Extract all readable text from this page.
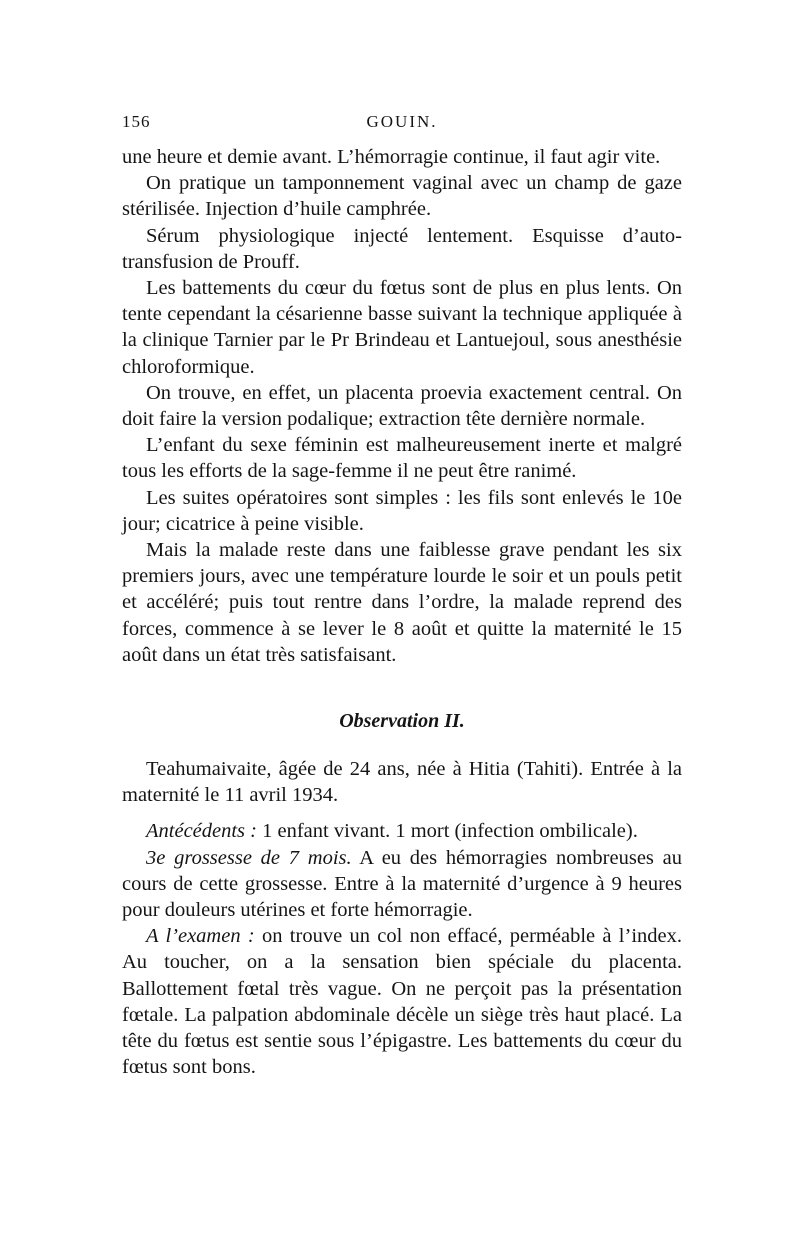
156	GOUIN.

une heure et demie avant. L’hémorragie continue, il faut agir vite.

On pratique un tamponnement vaginal avec un champ de gaze stérilisée. Injection d’huile camphrée.

Sérum physiologique injecté lentement. Esquisse d’auto-transfusion de Prouff.

Les battements du cœur du fœtus sont de plus en plus lents. On tente cependant la césarienne basse suivant la technique appliquée à la clinique Tarnier par le Pr Brindeau et Lantuejoul, sous anesthésie chloroformique.

On trouve, en effet, un placenta proevia exactement central. On doit faire la version podalique; extraction tête dernière normale.

L’enfant du sexe féminin est malheureusement inerte et malgré tous les efforts de la sage-femme il ne peut être ranimé.

Les suites opératoires sont simples : les fils sont enlevés le 10e jour; cicatrice à peine visible.

Mais la malade reste dans une faiblesse grave pendant les six premiers jours, avec une température lourde le soir et un pouls petit et accéléré; puis tout rentre dans l’ordre, la malade reprend des forces, commence à se lever le 8 août et quitte la maternité le 15 août dans un état très satisfaisant.

Observation II.

Teahumaivaite, âgée de 24 ans, née à Hitia (Tahiti). Entrée à la maternité le 11 avril 1934.

Antécédents : 1 enfant vivant. 1 mort (infection ombilicale).

3e grossesse de 7 mois. A eu des hémorragies nombreuses au cours de cette grossesse. Entre à la maternité d’urgence à 9 heures pour douleurs utérines et forte hémorragie.

A l’examen : on trouve un col non effacé, perméable à l’index. Au toucher, on a la sensation bien spéciale du placenta. Ballottement fœtal très vague. On ne perçoit pas la présentation fœtale. La palpation abdominale décèle un siège très haut placé. La tête du fœtus est sentie sous l’épigastre. Les battements du cœur du fœtus sont bons.
